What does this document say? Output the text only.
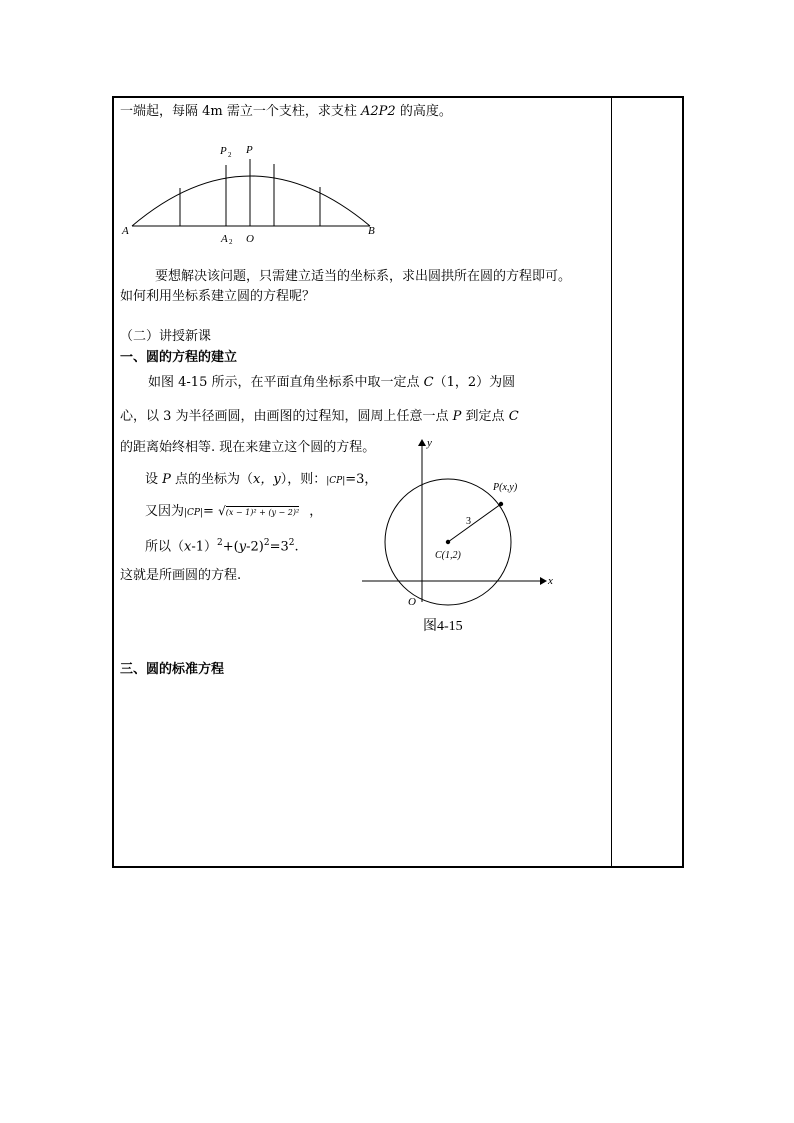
一端起，每隔 4m 需立一个支柱，求支柱 A2P2 的高度。
A	B
O
A 2
P 2 P
要想解决该问题，只需建立适当的坐标系，求出圆拱所在圆的方程即可。
如何利用坐标系建立圆的方程呢？
（二）讲授新课
一、圆的方程的建立
如图 4-15 所示，在平面直角坐标系中取一定点 C（1，2）为圆
心，以 3 为半径画圆，由画图的过程知，圆周上任意一点 P 到定点 C
的距离始终相等. 现在来建立这个圆的方程。
设 P 点的坐标为（x，y），则：|CP|=3，
又因为|CP|= √(x − 1)² + (y − 2)² ，
所以$(x-1)^2+(y-2)^2=3^2$.
这就是所画圆的方程.
y
x
O
P(x,y)
C(1,2)
3
图4-15
三、圆的标准方程
